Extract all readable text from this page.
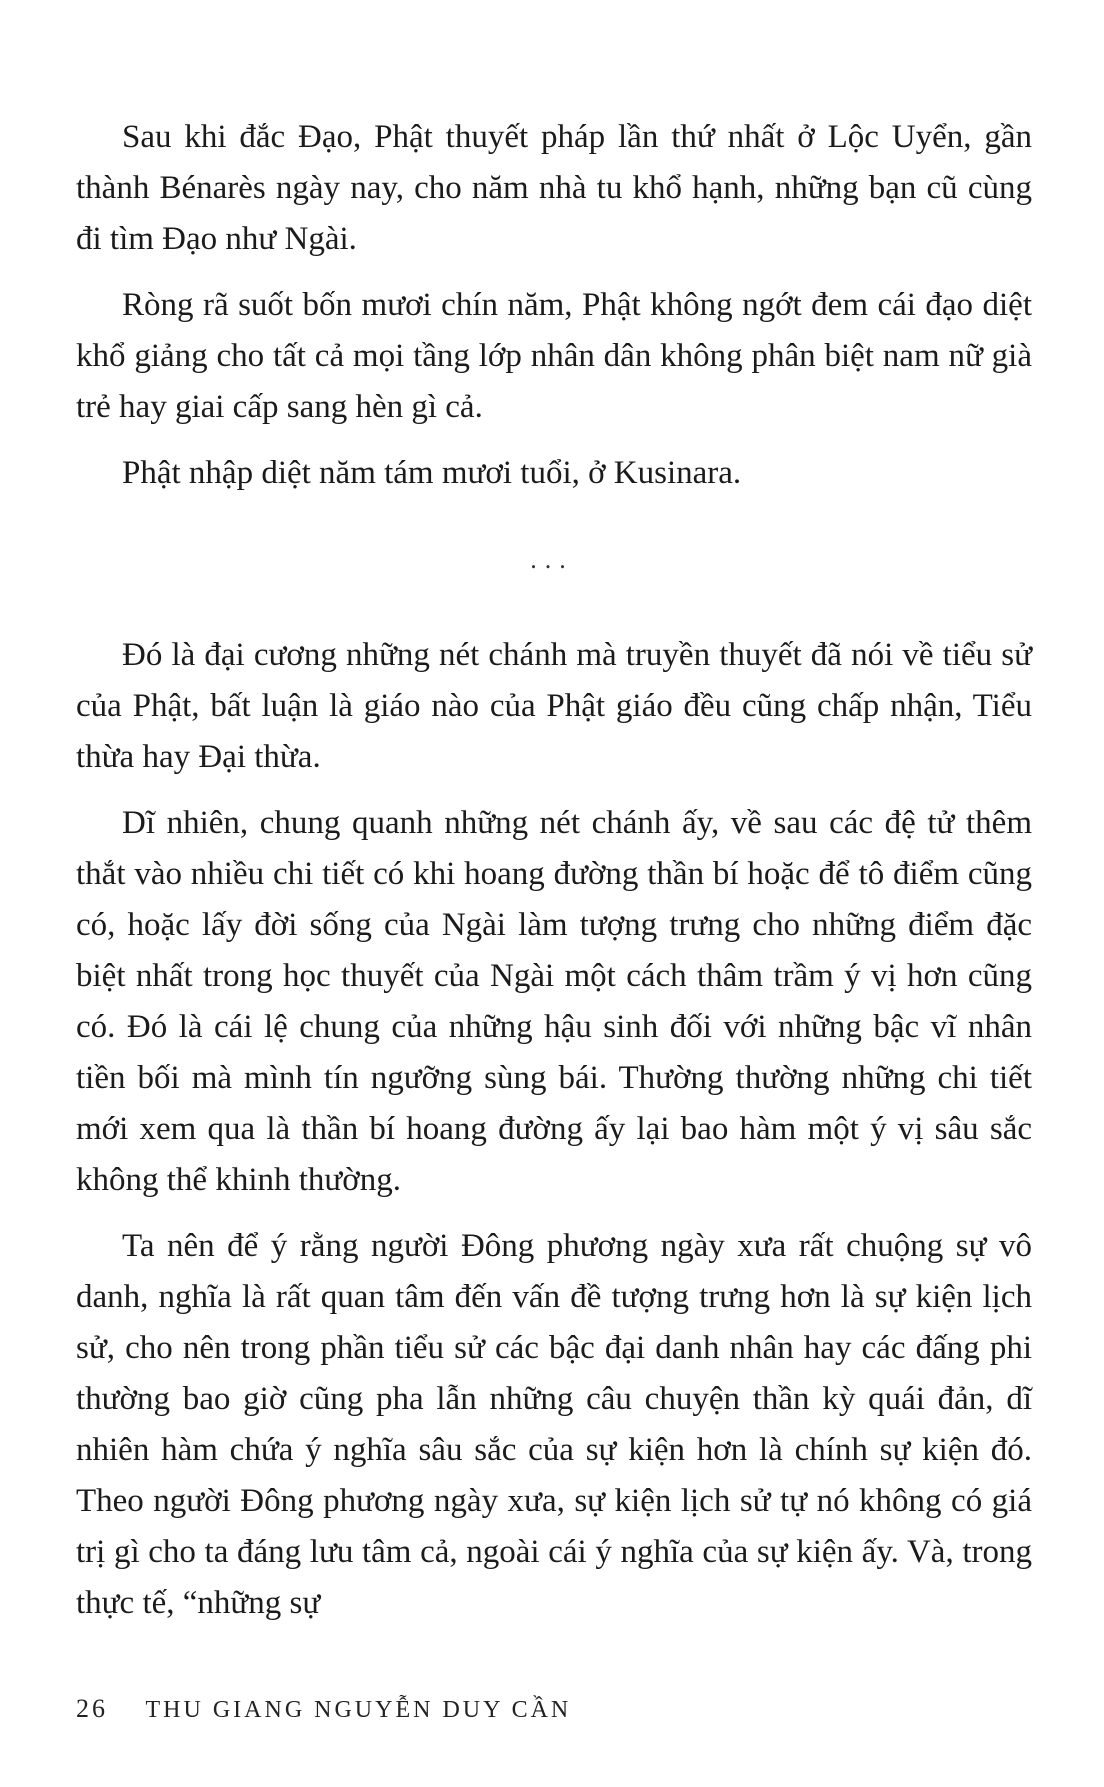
Sau khi đắc Đạo, Phật thuyết pháp lần thứ nhất ở Lộc Uyển, gần thành Bénarès ngày nay, cho năm nhà tu khổ hạnh, những bạn cũ cùng đi tìm Đạo như Ngài.

Ròng rã suốt bốn mươi chín năm, Phật không ngớt đem cái đạo diệt khổ giảng cho tất cả mọi tầng lớp nhân dân không phân biệt nam nữ già trẻ hay giai cấp sang hèn gì cả.

Phật nhập diệt năm tám mươi tuổi, ở Kusinara.

...

Đó là đại cương những nét chánh mà truyền thuyết đã nói về tiểu sử của Phật, bất luận là giáo nào của Phật giáo đều cũng chấp nhận, Tiểu thừa hay Đại thừa.

Dĩ nhiên, chung quanh những nét chánh ấy, về sau các đệ tử thêm thắt vào nhiều chi tiết có khi hoang đường thần bí hoặc để tô điểm cũng có, hoặc lấy đời sống của Ngài làm tượng trưng cho những điểm đặc biệt nhất trong học thuyết của Ngài một cách thâm trầm ý vị hơn cũng có. Đó là cái lệ chung của những hậu sinh đối với những bậc vĩ nhân tiền bối mà mình tín ngưỡng sùng bái. Thường thường những chi tiết mới xem qua là thần bí hoang đường ấy lại bao hàm một ý vị sâu sắc không thể khinh thường.

Ta nên để ý rằng người Đông phương ngày xưa rất chuộng sự vô danh, nghĩa là rất quan tâm đến vấn đề tượng trưng hơn là sự kiện lịch sử, cho nên trong phần tiểu sử các bậc đại danh nhân hay các đấng phi thường bao giờ cũng pha lẫn những câu chuyện thần kỳ quái đản, dĩ nhiên hàm chứa ý nghĩa sâu sắc của sự kiện hơn là chính sự kiện đó. Theo người Đông phương ngày xưa, sự kiện lịch sử tự nó không có giá trị gì cho ta đáng lưu tâm cả, ngoài cái ý nghĩa của sự kiện ấy. Và, trong thực tế, “những sự

26 THU GIANG NGUYỄN DUY CẦN
